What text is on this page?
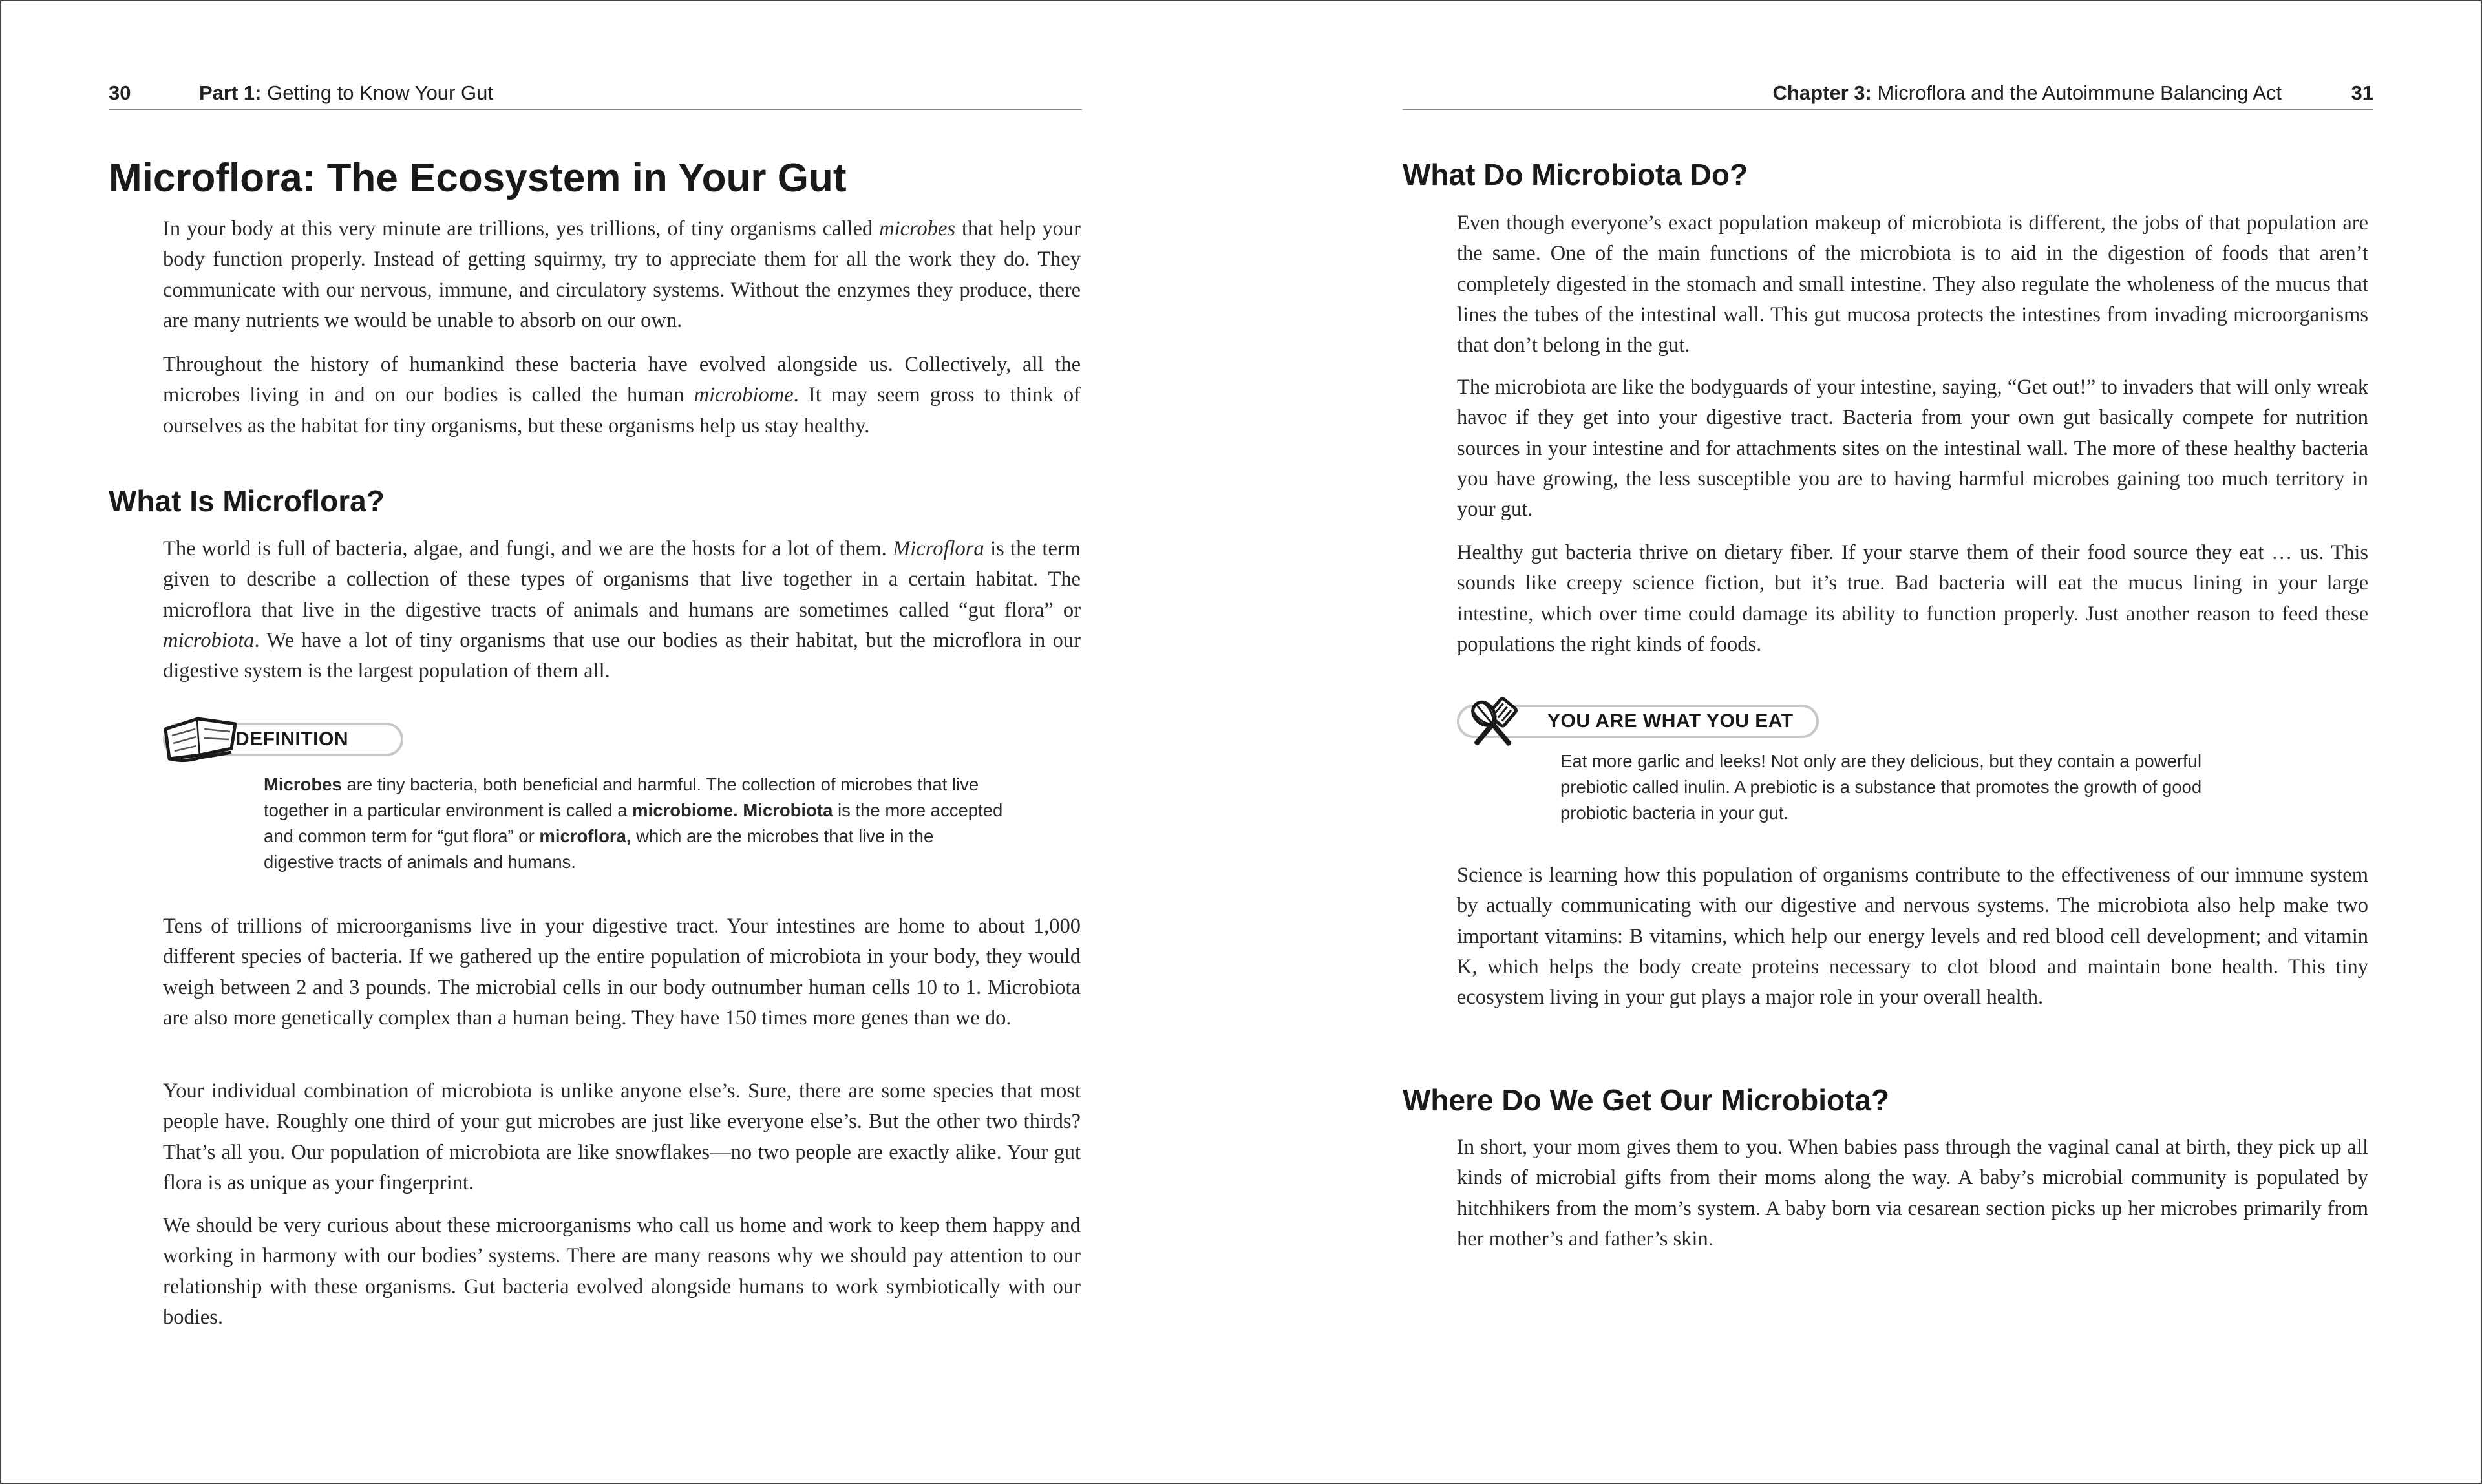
30	Part 1: Getting to Know Your Gut
Microflora: The Ecosystem in Your Gut

In your body at this very minute are trillions, yes trillions, of tiny organisms called microbes that help your body function properly. Instead of getting squirmy, try to appreciate them for all the work they do. They communicate with our nervous, immune, and circulatory systems. Without the enzymes they produce, there are many nutrients we would be unable to absorb on our own.

Throughout the history of humankind these bacteria have evolved alongside us. Collectively, all the microbes living in and on our bodies is called the human microbiome. It may seem gross to think of ourselves as the habitat for tiny organisms, but these organisms help us stay healthy.

What Is Microflora?

The world is full of bacteria, algae, and fungi, and we are the hosts for a lot of them. Microflora is the term given to describe a collection of these types of organisms that live together in a certain habitat. The microflora that live in the digestive tracts of animals and humans are sometimes called “gut flora” or microbiota. We have a lot of tiny organisms that use our bodies as their habitat, but the microflora in our digestive system is the largest population of them all.

DEFINITION

Microbes are tiny bacteria, both beneficial and harmful. The collection of microbes that live together in a particular environment is called a microbiome. Microbiota is the more accepted and common term for “gut flora” or microflora, which are the microbes that live in the digestive tracts of animals and humans.

Tens of trillions of microorganisms live in your digestive tract. Your intestines are home to about 1,000 different species of bacteria. If we gathered up the entire population of microbiota in your body, they would weigh between 2 and 3 pounds. The microbial cells in our body outnumber human cells 10 to 1. Microbiota are also more genetically complex than a human being. They have 150 times more genes than we do.

Your individual combination of microbiota is unlike anyone else’s. Sure, there are some species that most people have. Roughly one third of your gut microbes are just like everyone else’s. But the other two thirds? That’s all you. Our population of microbiota are like snowflakes—no two people are exactly alike. Your gut flora is as unique as your fingerprint.

We should be very curious about these microorganisms who call us home and work to keep them happy and working in harmony with our bodies’ systems. There are many reasons why we should pay attention to our relationship with these organisms. Gut bacteria evolved alongside humans to work symbiotically with our bodies.

Chapter 3: Microflora and the Autoimmune Balancing Act	31
What Do Microbiota Do?

Even though everyone’s exact population makeup of microbiota is different, the jobs of that population are the same. One of the main functions of the microbiota is to aid in the digestion of foods that aren’t completely digested in the stomach and small intestine. They also regulate the wholeness of the mucus that lines the tubes of the intestinal wall. This gut mucosa protects the intestines from invading microorganisms that don’t belong in the gut.

The microbiota are like the bodyguards of your intestine, saying, “Get out!” to invaders that will only wreak havoc if they get into your digestive tract. Bacteria from your own gut basically compete for nutrition sources in your intestine and for attachments sites on the intestinal wall. The more of these healthy bacteria you have growing, the less susceptible you are to having harmful microbes gaining too much territory in your gut.

Healthy gut bacteria thrive on dietary fiber. If your starve them of their food source they eat … us. This sounds like creepy science fiction, but it’s true. Bad bacteria will eat the mucus lining in your large intestine, which over time could damage its ability to function properly. Just another reason to feed these populations the right kinds of foods.

YOU ARE WHAT YOU EAT

Eat more garlic and leeks! Not only are they delicious, but they contain a powerful prebiotic called inulin. A prebiotic is a substance that promotes the growth of good probiotic bacteria in your gut.

Science is learning how this population of organisms contribute to the effectiveness of our immune system by actually communicating with our digestive and nervous systems. The microbiota also help make two important vitamins: B vitamins, which help our energy levels and red blood cell development; and vitamin K, which helps the body create proteins necessary to clot blood and maintain bone health. This tiny ecosystem living in your gut plays a major role in your overall health.

Where Do We Get Our Microbiota?

In short, your mom gives them to you. When babies pass through the vaginal canal at birth, they pick up all kinds of microbial gifts from their moms along the way. A baby’s microbial community is populated by hitchhikers from the mom’s system. A baby born via cesarean section picks up her microbes primarily from her mother’s and father’s skin.
